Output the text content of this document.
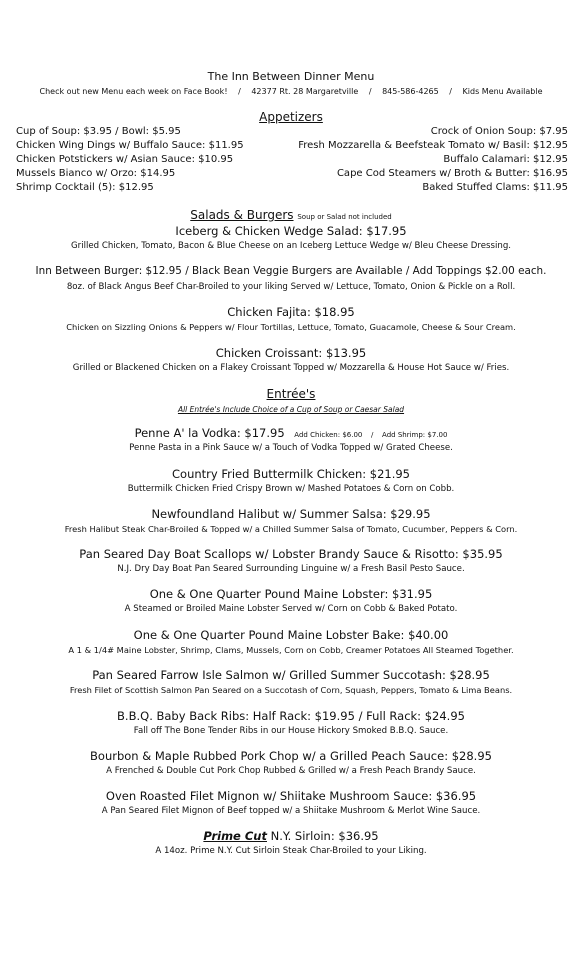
The Inn Between Dinner Menu
Check out new Menu each week on Face Book! / 42377 Rt. 28 Margaretville / 845-586-4265 / Kids Menu Available
Appetizers
Cup of Soup: $3.95 / Bowl: $5.95	Crock of Onion Soup: $7.95
Chicken Wing Dings w/ Buffalo Sauce: $11.95	Fresh Mozzarella & Beefsteak Tomato w/ Basil: $12.95
Chicken Potstickers w/ Asian Sauce: $10.95	Buffalo Calamari: $12.95
Mussels Bianco w/ Orzo: $14.95	Cape Cod Steamers w/ Broth & Butter: $16.95
Shrimp Cocktail (5): $12.95	Baked Stuffed Clams: $11.95
Salads & Burgers Soup or Salad not included
Iceberg & Chicken Wedge Salad: $17.95
Grilled Chicken, Tomato, Bacon & Blue Cheese on an Iceberg Lettuce Wedge w/ Bleu Cheese Dressing.
Inn Between Burger: $12.95 / Black Bean Veggie Burgers are Available / Add Toppings $2.00 each.
8oz. of Black Angus Beef Char-Broiled to your liking Served w/ Lettuce, Tomato, Onion & Pickle on a Roll.
Chicken Fajita: $18.95
Chicken on Sizzling Onions & Peppers w/ Flour Tortillas, Lettuce, Tomato, Guacamole, Cheese & Sour Cream.
Chicken Croissant: $13.95
Grilled or Blackened Chicken on a Flakey Croissant Topped w/ Mozzarella & House Hot Sauce w/ Fries.
Entrée's
All Entrée's Include Choice of a Cup of Soup or Caesar Salad
Penne A' la Vodka: $17.95 Add Chicken: $6.00 / Add Shrimp: $7.00
Penne Pasta in a Pink Sauce w/ a Touch of Vodka Topped w/ Grated Cheese.
Country Fried Buttermilk Chicken: $21.95
Buttermilk Chicken Fried Crispy Brown w/ Mashed Potatoes & Corn on Cobb.
Newfoundland Halibut w/ Summer Salsa: $29.95
Fresh Halibut Steak Char-Broiled & Topped w/ a Chilled Summer Salsa of Tomato, Cucumber, Peppers & Corn.
Pan Seared Day Boat Scallops w/ Lobster Brandy Sauce & Risotto: $35.95
N.J. Dry Day Boat Pan Seared Surrounding Linguine w/ a Fresh Basil Pesto Sauce.
One & One Quarter Pound Maine Lobster: $31.95
A Steamed or Broiled Maine Lobster Served w/ Corn on Cobb & Baked Potato.
One & One Quarter Pound Maine Lobster Bake: $40.00
A 1 & 1/4# Maine Lobster, Shrimp, Clams, Mussels, Corn on Cobb, Creamer Potatoes All Steamed Together.
Pan Seared Farrow Isle Salmon w/ Grilled Summer Succotash: $28.95
Fresh Filet of Scottish Salmon Pan Seared on a Succotash of Corn, Squash, Peppers, Tomato & Lima Beans.
B.B.Q. Baby Back Ribs: Half Rack: $19.95 / Full Rack: $24.95
Fall off The Bone Tender Ribs in our House Hickory Smoked B.B.Q. Sauce.
Bourbon & Maple Rubbed Pork Chop w/ a Grilled Peach Sauce: $28.95
A Frenched & Double Cut Pork Chop Rubbed & Grilled w/ a Fresh Peach Brandy Sauce.
Oven Roasted Filet Mignon w/ Shiitake Mushroom Sauce: $36.95
A Pan Seared Filet Mignon of Beef topped w/ a Shiitake Mushroom & Merlot Wine Sauce.
Prime Cut N.Y. Sirloin: $36.95
A 14oz. Prime N.Y. Cut Sirloin Steak Char-Broiled to your Liking.
